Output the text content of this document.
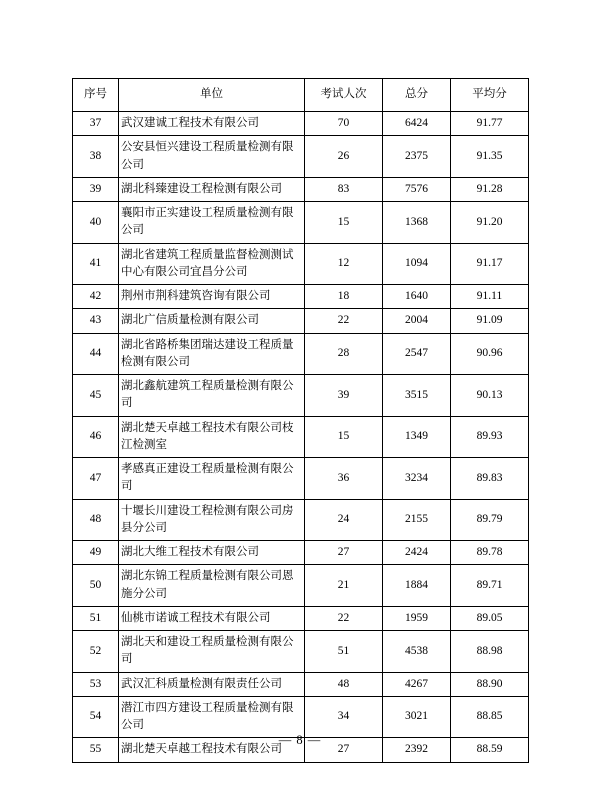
序号	单位	考试人次	总分	平均分
37	武汉建诚工程技术有限公司	70	6424	91.77
38	公安县恒兴建设工程质量检测有限公司	26	2375	91.35
39	湖北科臻建设工程检测有限公司	83	7576	91.28
40	襄阳市正实建设工程质量检测有限公司	15	1368	91.20
41	湖北省建筑工程质量监督检测测试中心有限公司宜昌分公司	12	1094	91.17
42	荆州市荆科建筑咨询有限公司	18	1640	91.11
43	湖北广信质量检测有限公司	22	2004	91.09
44	湖北省路桥集团瑞达建设工程质量检测有限公司	28	2547	90.96
45	湖北鑫航建筑工程质量检测有限公司	39	3515	90.13
46	湖北楚天卓越工程技术有限公司枝江检测室	15	1349	89.93
47	孝感真正建设工程质量检测有限公司	36	3234	89.83
48	十堰长川建设工程检测有限公司房县分公司	24	2155	89.79
49	湖北大维工程技术有限公司	27	2424	89.78
50	湖北东锦工程质量检测有限公司恩施分公司	21	1884	89.71
51	仙桃市诺诚工程技术有限公司	22	1959	89.05
52	湖北天和建设工程质量检测有限公司	51	4538	88.98
53	武汉汇科质量检测有限责任公司	48	4267	88.90
54	潜江市四方建设工程质量检测有限公司	34	3021	88.85
55	湖北楚天卓越工程技术有限公司	27	2392	88.59
— 8 —
